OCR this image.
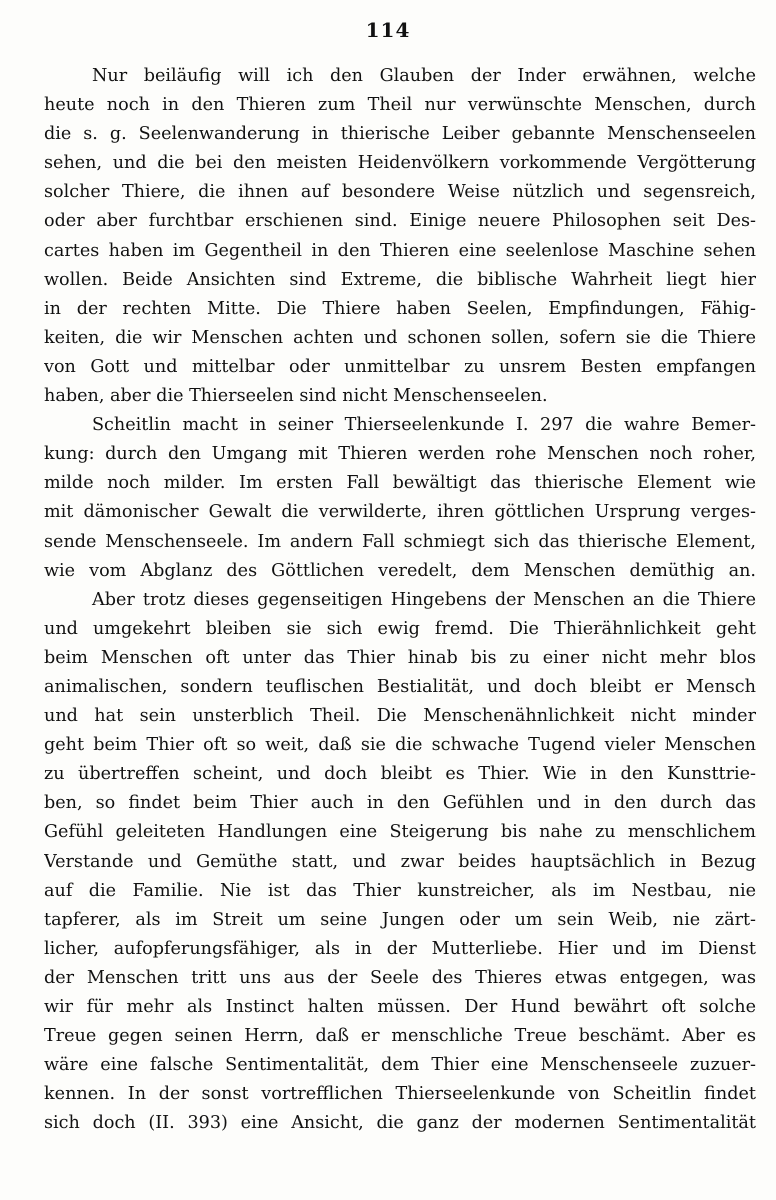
114
Nur beiläufig will ich den Glauben der Inder erwähnen, welche
heute noch in den Thieren zum Theil nur verwünschte Menschen, durch
die s. g. Seelenwanderung in thierische Leiber gebannte Menschenseelen
sehen, und die bei den meisten Heidenvölkern vorkommende Vergötterung
solcher Thiere, die ihnen auf besondere Weise nützlich und segensreich,
oder aber furchtbar erschienen sind. Einige neuere Philosophen seit Des-
cartes haben im Gegentheil in den Thieren eine seelenlose Maschine sehen
wollen. Beide Ansichten sind Extreme, die biblische Wahrheit liegt hier
in der rechten Mitte. Die Thiere haben Seelen, Empfindungen, Fähig-
keiten, die wir Menschen achten und schonen sollen, sofern sie die Thiere
von Gott und mittelbar oder unmittelbar zu unsrem Besten empfangen
haben, aber die Thierseelen sind nicht Menschenseelen.
Scheitlin macht in seiner Thierseelenkunde I. 297 die wahre Bemer-
kung: durch den Umgang mit Thieren werden rohe Menschen noch roher,
milde noch milder. Im ersten Fall bewältigt das thierische Element wie
mit dämonischer Gewalt die verwilderte, ihren göttlichen Ursprung verges-
sende Menschenseele. Im andern Fall schmiegt sich das thierische Element,
wie vom Abglanz des Göttlichen veredelt, dem Menschen demüthig an.
Aber trotz dieses gegenseitigen Hingebens der Menschen an die Thiere
und umgekehrt bleiben sie sich ewig fremd. Die Thierähnlichkeit geht
beim Menschen oft unter das Thier hinab bis zu einer nicht mehr blos
animalischen, sondern teuflischen Bestialität, und doch bleibt er Mensch
und hat sein unsterblich Theil. Die Menschenähnlichkeit nicht minder
geht beim Thier oft so weit, daß sie die schwache Tugend vieler Menschen
zu übertreffen scheint, und doch bleibt es Thier. Wie in den Kunsttrie-
ben, so findet beim Thier auch in den Gefühlen und in den durch das
Gefühl geleiteten Handlungen eine Steigerung bis nahe zu menschlichem
Verstande und Gemüthe statt, und zwar beides hauptsächlich in Bezug
auf die Familie. Nie ist das Thier kunstreicher, als im Nestbau, nie
tapferer, als im Streit um seine Jungen oder um sein Weib, nie zärt-
licher, aufopferungsfähiger, als in der Mutterliebe. Hier und im Dienst
der Menschen tritt uns aus der Seele des Thieres etwas entgegen, was
wir für mehr als Instinct halten müssen. Der Hund bewährt oft solche
Treue gegen seinen Herrn, daß er menschliche Treue beschämt. Aber es
wäre eine falsche Sentimentalität, dem Thier eine Menschenseele zuzuer-
kennen. In der sonst vortrefflichen Thierseelenkunde von Scheitlin findet
sich doch (II. 393) eine Ansicht, die ganz der modernen Sentimentalität
